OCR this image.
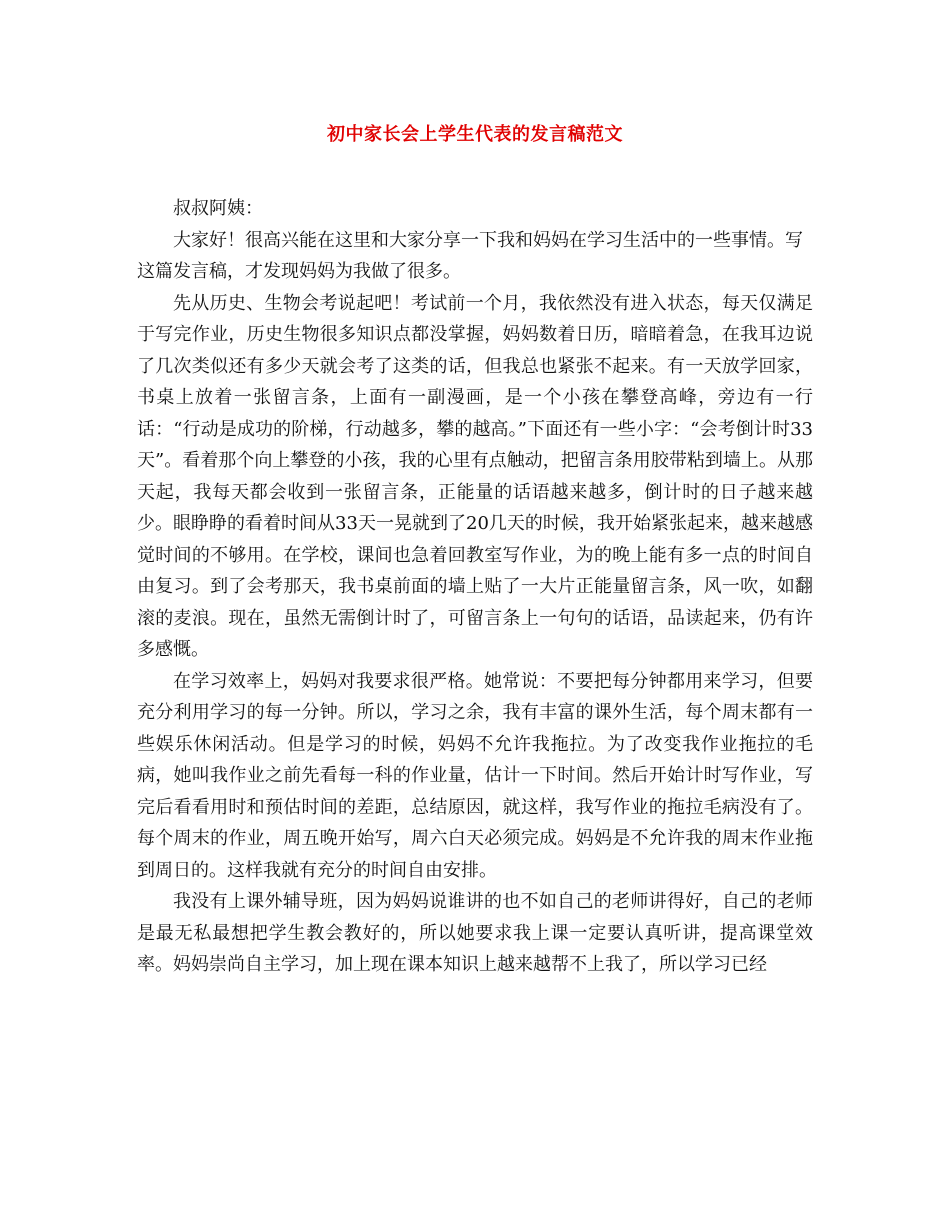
初中家长会上学生代表的发言稿范文

叔叔阿姨：

大家好！很高兴能在这里和大家分享一下我和妈妈在学习生活中的一些事情。写这篇发言稿，才发现妈妈为我做了很多。

先从历史、生物会考说起吧！考试前一个月，我依然没有进入状态，每天仅满足于写完作业，历史生物很多知识点都没掌握，妈妈数着日历，暗暗着急，在我耳边说了几次类似还有多少天就会考了这类的话，但我总也紧张不起来。有一天放学回家，书桌上放着一张留言条，上面有一副漫画，是一个小孩在攀登高峰，旁边有一行话：“行动是成功的阶梯，行动越多，攀的越高。”下面还有一些小字：“会考倒计时33天”。看着那个向上攀登的小孩，我的心里有点触动，把留言条用胶带粘到墙上。从那天起，我每天都会收到一张留言条，正能量的话语越来越多，倒计时的日子越来越少。眼睁睁的看着时间从33天一晃就到了20几天的时候，我开始紧张起来，越来越感觉时间的不够用。在学校，课间也急着回教室写作业，为的晚上能有多一点的时间自由复习。到了会考那天，我书桌前面的墙上贴了一大片正能量留言条，风一吹，如翻滚的麦浪。现在，虽然无需倒计时了，可留言条上一句句的话语，品读起来，仍有许多感慨。

在学习效率上，妈妈对我要求很严格。她常说：不要把每分钟都用来学习，但要充分利用学习的每一分钟。所以，学习之余，我有丰富的课外生活，每个周末都有一些娱乐休闲活动。但是学习的时候，妈妈不允许我拖拉。为了改变我作业拖拉的毛病，她叫我作业之前先看每一科的作业量，估计一下时间。然后开始计时写作业，写完后看看用时和预估时间的差距，总结原因，就这样，我写作业的拖拉毛病没有了。每个周末的作业，周五晚开始写，周六白天必须完成。妈妈是不允许我的周末作业拖到周日的。这样我就有充分的时间自由安排。

我没有上课外辅导班，因为妈妈说谁讲的也不如自己的老师讲得好，自己的老师是最无私最想把学生教会教好的，所以她要求我上课一定要认真听讲，提高课堂效率。妈妈崇尚自主学习，加上现在课本知识上越来越帮不上我了，所以学习已经
